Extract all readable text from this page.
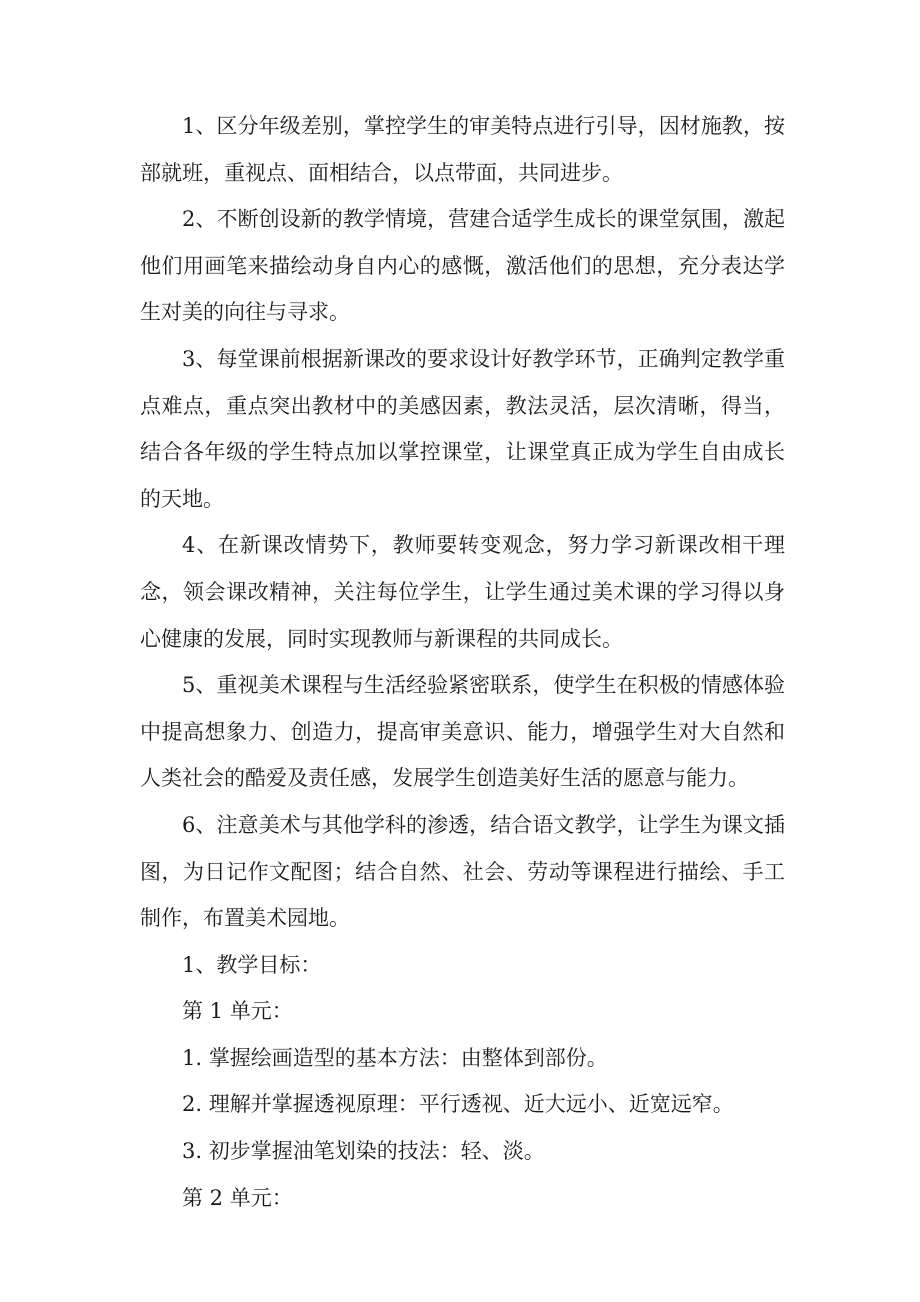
1、区分年级差别，掌控学生的审美特点进行引导，因材施教，按部就班，重视点、面相结合，以点带面，共同进步。

2、不断创设新的教学情境，营建合适学生成长的课堂氛围，激起他们用画笔来描绘动身自内心的感慨，激活他们的思想，充分表达学生对美的向往与寻求。

3、每堂课前根据新课改的要求设计好教学环节，正确判定教学重点难点，重点突出教材中的美感因素，教法灵活，层次清晰，得当，结合各年级的学生特点加以掌控课堂，让课堂真正成为学生自由成长的天地。

4、在新课改情势下，教师要转变观念，努力学习新课改相干理念，领会课改精神，关注每位学生，让学生通过美术课的学习得以身心健康的发展，同时实现教师与新课程的共同成长。

5、重视美术课程与生活经验紧密联系，使学生在积极的情感体验中提高想象力、创造力，提高审美意识、能力，增强学生对大自然和人类社会的酷爱及责任感，发展学生创造美好生活的愿意与能力。

6、注意美术与其他学科的渗透，结合语文教学，让学生为课文插图，为日记作文配图；结合自然、社会、劳动等课程进行描绘、手工制作，布置美术园地。

1、教学目标：

第 1 单元：

1. 掌握绘画造型的基本方法：由整体到部份。

2. 理解并掌握透视原理：平行透视、近大远小、近宽远窄。

3. 初步掌握油笔划染的技法：轻、淡。

第 2 单元：
